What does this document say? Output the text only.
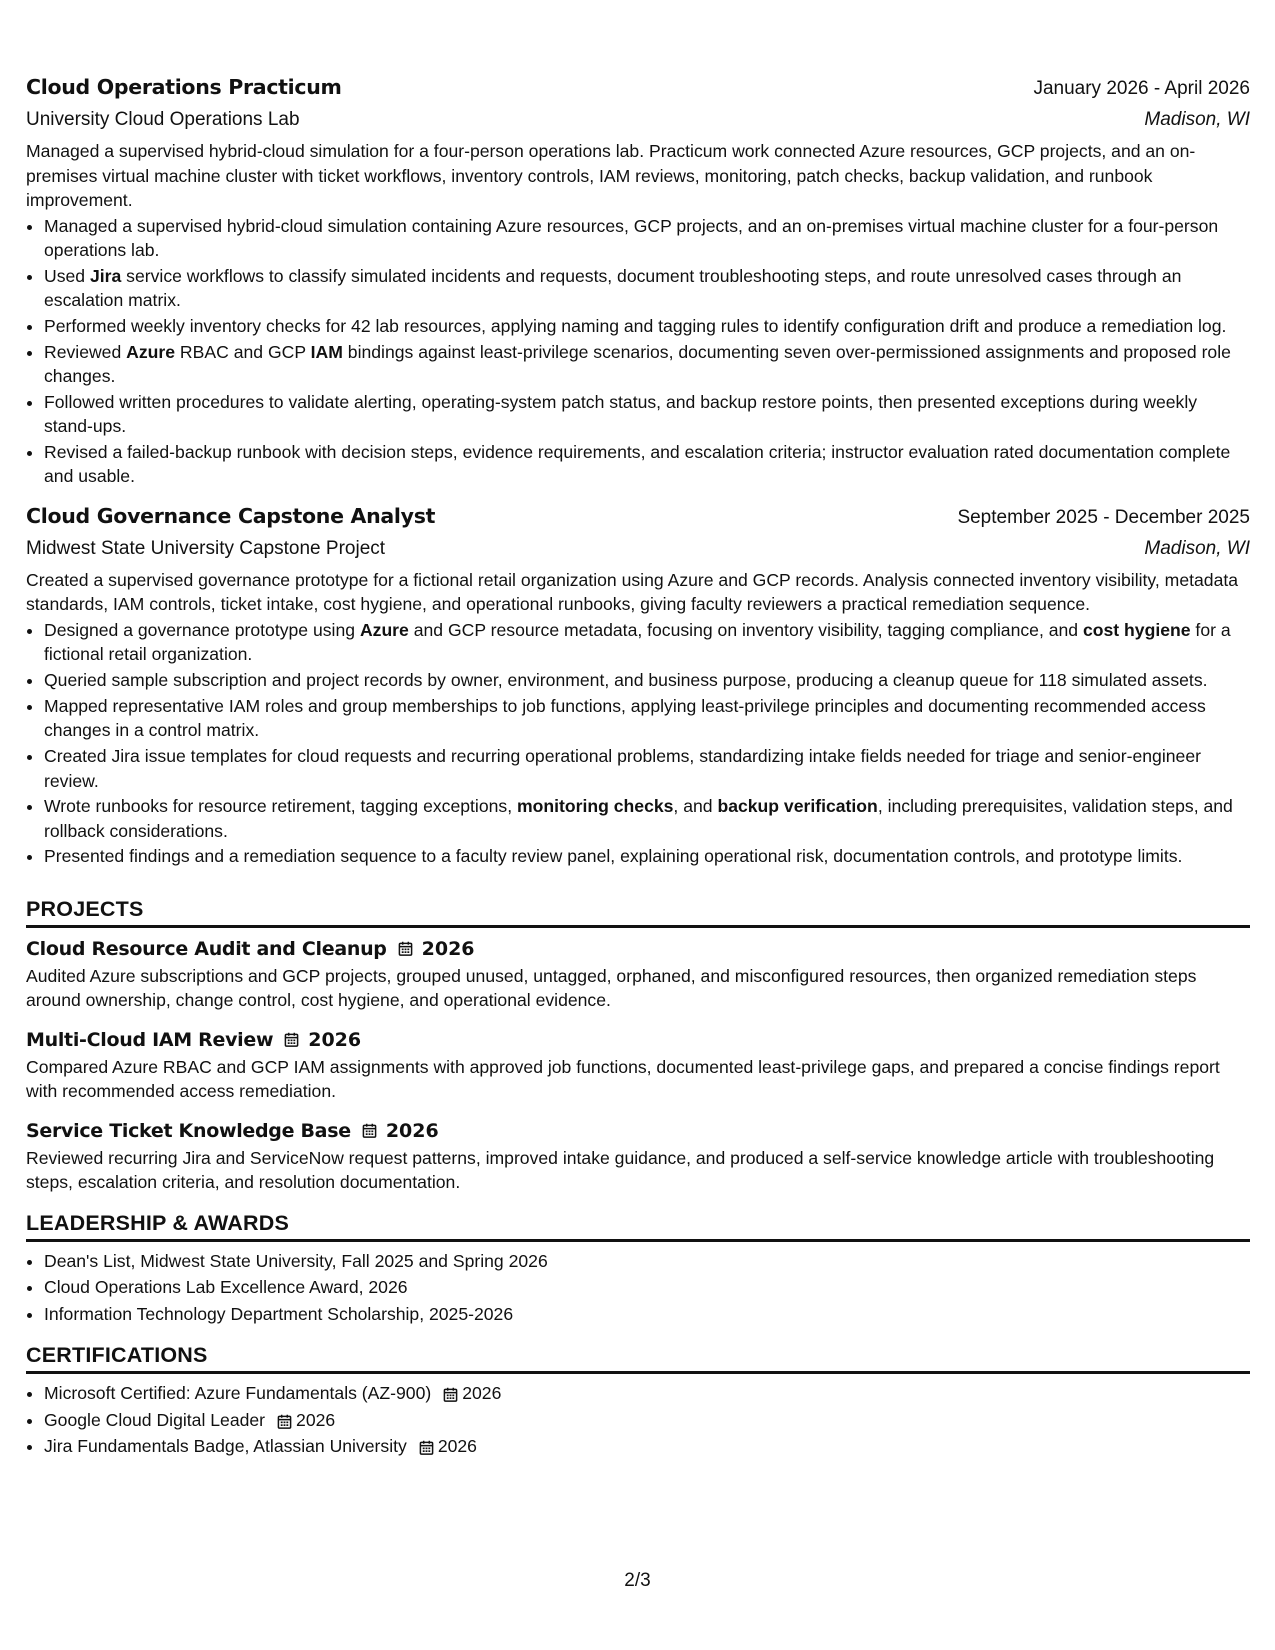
Cloud Operations Practicum	January 2026 - April 2026
University Cloud Operations Lab	Madison, WI
Managed a supervised hybrid-cloud simulation for a four-person operations lab. Practicum work connected Azure resources, GCP projects, and an on-premises virtual machine cluster with ticket workflows, inventory controls, IAM reviews, monitoring, patch checks, backup validation, and runbook improvement.
• Managed a supervised hybrid-cloud simulation containing Azure resources, GCP projects, and an on-premises virtual machine cluster for a four-person operations lab.
• Used Jira service workflows to classify simulated incidents and requests, document troubleshooting steps, and route unresolved cases through an escalation matrix.
• Performed weekly inventory checks for 42 lab resources, applying naming and tagging rules to identify configuration drift and produce a remediation log.
• Reviewed Azure RBAC and GCP IAM bindings against least-privilege scenarios, documenting seven over-permissioned assignments and proposed role changes.
• Followed written procedures to validate alerting, operating-system patch status, and backup restore points, then presented exceptions during weekly stand-ups.
• Revised a failed-backup runbook with decision steps, evidence requirements, and escalation criteria; instructor evaluation rated documentation complete and usable.
Cloud Governance Capstone Analyst	September 2025 - December 2025
Midwest State University Capstone Project	Madison, WI
Created a supervised governance prototype for a fictional retail organization using Azure and GCP records. Analysis connected inventory visibility, metadata standards, IAM controls, ticket intake, cost hygiene, and operational runbooks, giving faculty reviewers a practical remediation sequence.
• Designed a governance prototype using Azure and GCP resource metadata, focusing on inventory visibility, tagging compliance, and cost hygiene for a fictional retail organization.
• Queried sample subscription and project records by owner, environment, and business purpose, producing a cleanup queue for 118 simulated assets.
• Mapped representative IAM roles and group memberships to job functions, applying least-privilege principles and documenting recommended access changes in a control matrix.
• Created Jira issue templates for cloud requests and recurring operational problems, standardizing intake fields needed for triage and senior-engineer review.
• Wrote runbooks for resource retirement, tagging exceptions, monitoring checks, and backup verification, including prerequisites, validation steps, and rollback considerations.
• Presented findings and a remediation sequence to a faculty review panel, explaining operational risk, documentation controls, and prototype limits.
PROJECTS
Cloud Resource Audit and Cleanup 2026
Audited Azure subscriptions and GCP projects, grouped unused, untagged, orphaned, and misconfigured resources, then organized remediation steps around ownership, change control, cost hygiene, and operational evidence.
Multi-Cloud IAM Review 2026
Compared Azure RBAC and GCP IAM assignments with approved job functions, documented least-privilege gaps, and prepared a concise findings report with recommended access remediation.
Service Ticket Knowledge Base 2026
Reviewed recurring Jira and ServiceNow request patterns, improved intake guidance, and produced a self-service knowledge article with troubleshooting steps, escalation criteria, and resolution documentation.
LEADERSHIP & AWARDS
• Dean's List, Midwest State University, Fall 2025 and Spring 2026
• Cloud Operations Lab Excellence Award, 2026
• Information Technology Department Scholarship, 2025-2026
CERTIFICATIONS
• Microsoft Certified: Azure Fundamentals (AZ-900) 2026
• Google Cloud Digital Leader 2026
• Jira Fundamentals Badge, Atlassian University 2026
2/3
